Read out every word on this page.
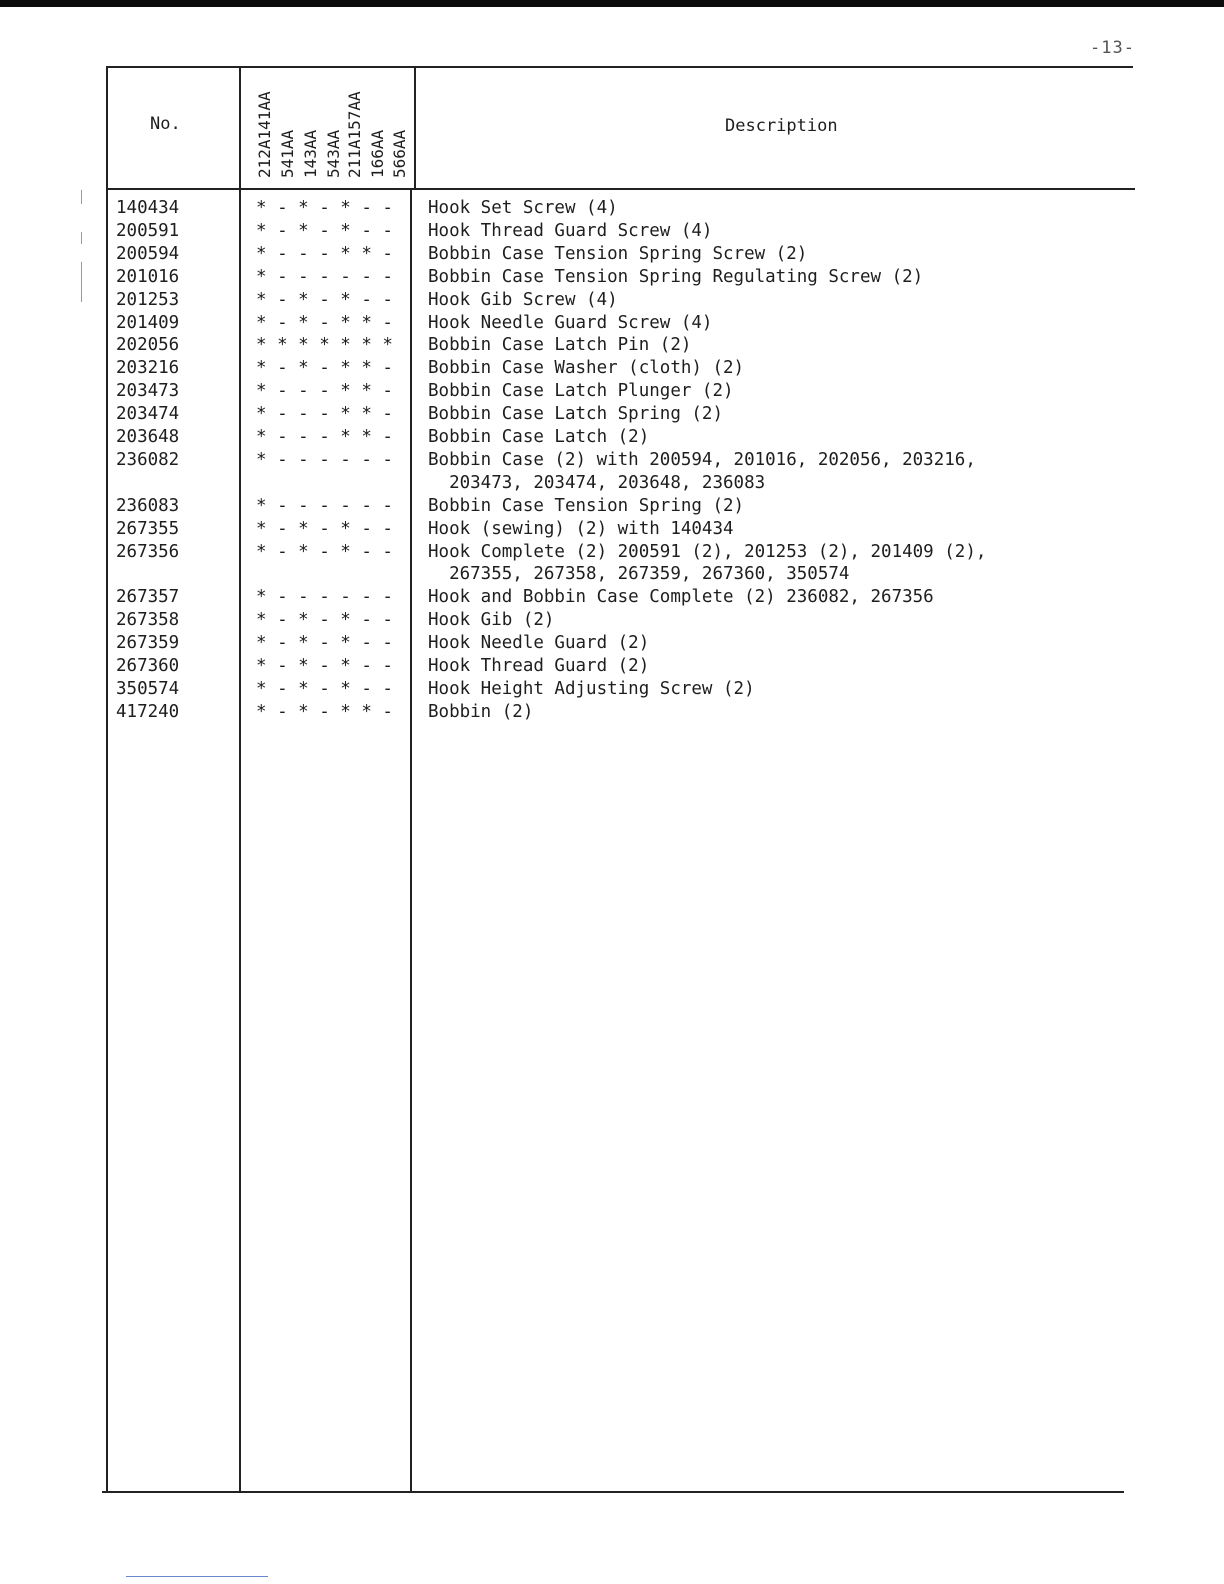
-13-
No.	Description
212A141AA 541AA 143AA 543AA 211A157AA 166AA 566AA
140434	* - * - * - - Hook Set Screw (4)
200591	* - * - * - - Hook Thread Guard Screw (4)
200594	* - - - * * - Bobbin Case Tension Spring Screw (2)
201016	* - - - - - - Bobbin Case Tension Spring Regulating Screw (2)
201253	* - * - * - - Hook Gib Screw (4)
201409	* - * - * * - Hook Needle Guard Screw (4)
202056	* * * * * * * Bobbin Case Latch Pin (2)
203216	* - * - * * - Bobbin Case Washer (cloth) (2)
203473	* - - - * * - Bobbin Case Latch Plunger (2)
203474	* - - - * * - Bobbin Case Latch Spring (2)
203648	* - - - * * - Bobbin Case Latch (2)
236082	* - - - - - - Bobbin Case (2) with 200594, 201016, 202056, 203216,
203473, 203474, 203648, 236083
236083	* - - - - - - Bobbin Case Tension Spring (2)
267355	* - * - * - - Hook (sewing) (2) with 140434
267356	* - * - * - - Hook Complete (2) 200591 (2), 201253 (2), 201409 (2),
267355, 267358, 267359, 267360, 350574
267357	* - - - - - - Hook and Bobbin Case Complete (2) 236082, 267356
267358	* - * - * - - Hook Gib (2)
267359	* - * - * - - Hook Needle Guard (2)
267360	* - * - * - - Hook Thread Guard (2)
350574	* - * - * - - Hook Height Adjusting Screw (2)
417240	* - * - * * - Bobbin (2)
